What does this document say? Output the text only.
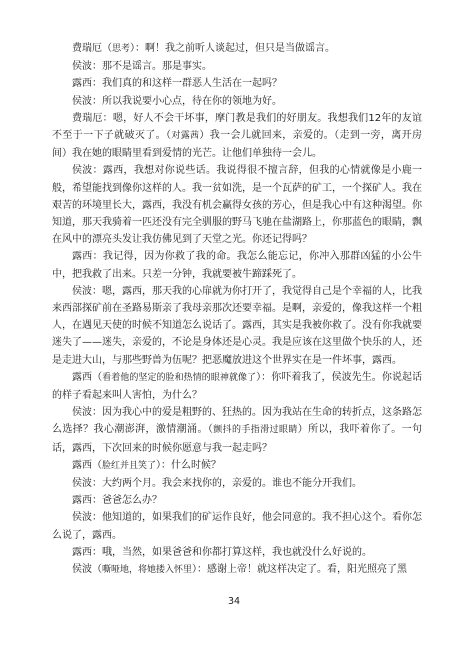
费瑞厄（思考）：啊！我之前听人谈起过，但只是当做谣言。

侯波：那不是谣言。那是事实。

露西：我们真的和这样一群恶人生活在一起吗？

侯波：所以我说要小心点，待在你的领地为好。

费瑞厄：嗯，好人不会干坏事，摩门教是我们的好朋友。我想我们12年的友谊不至于一下子就破灭了。（对露茜）我一会儿就回来，亲爱的。（走到一旁，离开房间）我在她的眼睛里看到爱情的光芒。让他们单独待一会儿。

侯波：露西，我想对你说些话。我说得很不擅言辞，但我的心情就像是小鹿一般，希望能找到像你这样的人。我一贫如洗，是一个瓦萨的矿工，一个探矿人。我在艰苦的环境里长大，露西，我没有机会赢得女孩的芳心，但是我心中有这种渴望。你知道，那天我骑着一匹还没有完全驯服的野马飞驰在盐湖路上，你那蓝色的眼睛，飘在风中的漂亮头发让我仿佛见到了天堂之光。你还记得吗？

露西：我记得，因为你救了我的命。我怎么能忘记，你冲入那群凶猛的小公牛中，把我救了出来。只差一分钟，我就要被牛蹄踩死了。

侯波：嗯，露西，那天我的心扉就为你打开了，我觉得自己是个幸福的人，比我来西部探矿前在圣路易斯亲了我母亲那次还要幸福。是啊，亲爱的，像我这样一个粗人，在遇见天使的时候不知道怎么说话了。露西，其实是我被你救了。没有你我就要迷失了——迷失，亲爱的，不论是身体还是心灵。我是应该在这里做个快乐的人，还是走进大山，与那些野兽为伍呢？把恶魔放进这个世界实在是一件坏事，露西。

露西（看着他的坚定的脸和热情的眼神就像了）：你吓着我了，侯波先生。你说起话的样子看起来叫人害怕，为什么？

侯波：因为我心中的爱是粗野的、狂热的。因为我站在生命的转折点，这条路怎么选择？我心潮澎湃，激情潮涌。（颤抖的手指滑过眼睛）所以，我吓着你了。一句话，露西，下次回来的时候你愿意与我一起走吗？

露西（脸红并且笑了）：什么时候？

侯波：大约两个月。我会来找你的，亲爱的。谁也不能分开我们。

露西：爸爸怎么办？

侯波：他知道的，如果我们的矿运作良好，他会同意的。我不担心这个。看你怎么说了，露西。

露西：哦，当然，如果爸爸和你都打算这样，我也就没什么好说的。

侯波（嘶哑地，将她搂入怀里）：感谢上帝！就这样决定了。看，阳光照亮了黑

34
